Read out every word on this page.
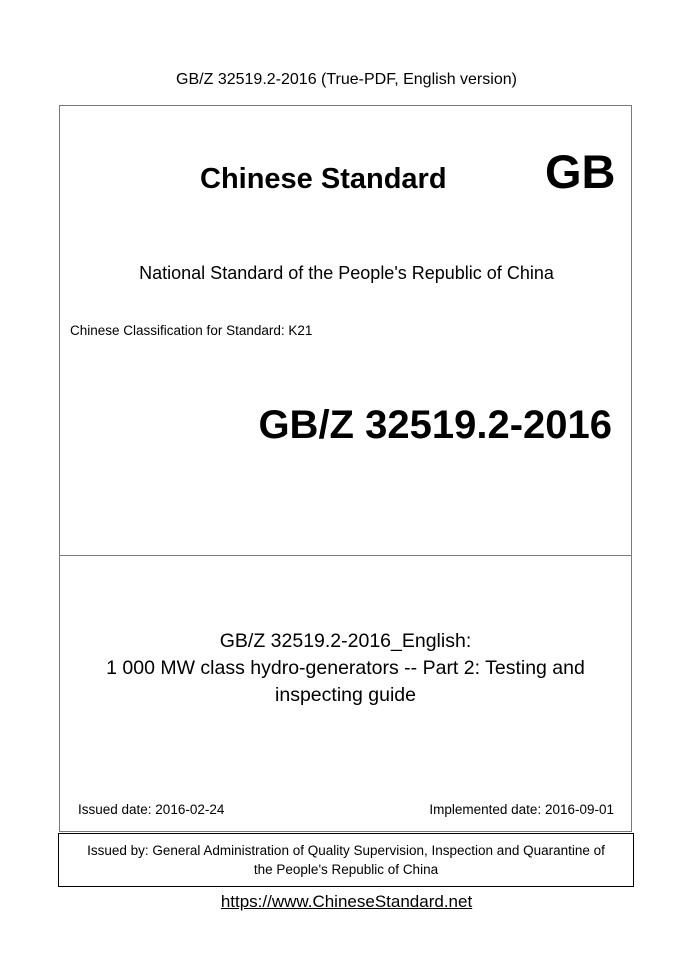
GB/Z 32519.2-2016 (True-PDF, English version)
Chinese Standard GB
National Standard of the People's Republic of China
Chinese Classification for Standard: K21
GB/Z 32519.2-2016
GB/Z 32519.2-2016_English:
1 000 MW class hydro-generators -- Part 2: Testing and
inspecting guide
Issued date: 2016-02-24	Implemented date: 2016-09-01
Issued by: General Administration of Quality Supervision, Inspection and Quarantine of
the People's Republic of China
https://www.ChineseStandard.net
